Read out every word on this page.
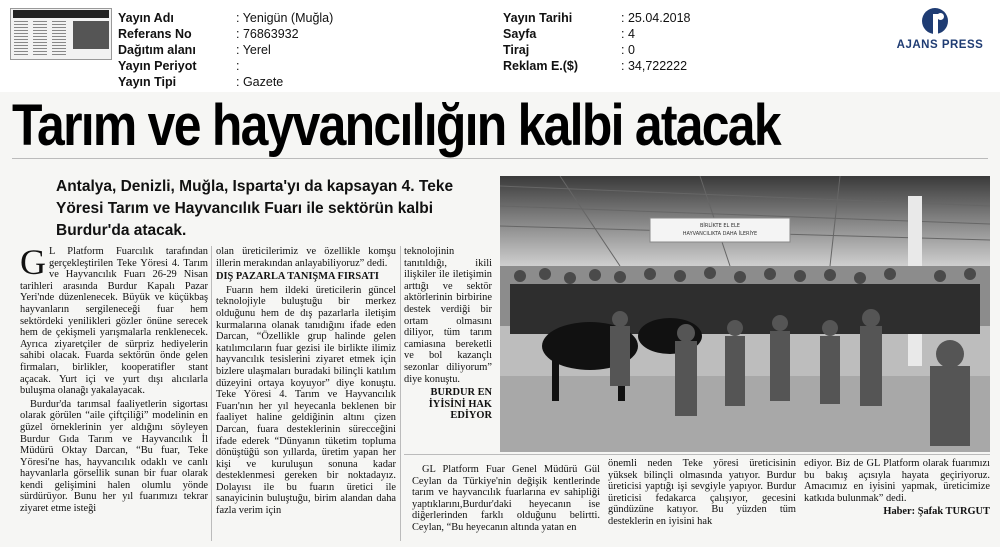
Yayın Adı	: Yenigün (Muğla)
Referans No	: 76863932
Dağıtım alanı	: Yerel
Yayın Periyot	:
Yayın Tipi	: Gazete
Yayın Tarihi	: 25.04.2018
Sayfa	: 4
Tiraj	: 0
Reklam E.($)	: 34,722222
AJANS PRESS
Tarım ve hayvancılığın kalbi atacak
Antalya, Denizli, Muğla, Isparta'yı da kapsayan 4. Teke Yöresi Tarım ve Hayvancılık Fuarı ile sektörün kalbi Burdur'da atacak.
G L Platform Fuarcılık tarafından gerçekleştirilen Teke Yöresi 4. Tarım ve Hayvancılık Fuarı 26-29 Nisan tarihleri arasında Burdur Kapalı Pazar Yeri'nde düzenlenecek. Büyük ve küçükbaş hayvanların sergileneceği fuar hem sektördeki yenilikleri gözler önüne serecek hem de çekişmeli yarışmalarla renklenecek. Ayrıca ziyaretçiler de sürpriz hediyelerin sahibi olacak. Fuarda sektörün önde gelen firmaları, birlikler, kooperatifler stant açacak. Yurt içi ve yurt dışı alıcılarla buluşma olanağı yakalayacak.
Burdur'da tarımsal faaliyetlerin sigortası olarak görülen “aile çiftçiliği” modelinin en güzel örneklerinin yer aldığını söyleyen Burdur Gıda Tarım ve Hayvancılık İl Müdürü Oktay Darcan, “Bu fuar, Teke Yöresi'ne has, hayvancılık odaklı ve canlı hayvanlarla görsellik sunan bir fuar olarak kendi gelişimini halen olumlu yönde sürdürüyor. Bunu her yıl fuarımızı tekrar ziyaret etme isteği
olan üreticilerimiz ve özellikle komşu illerin merakından anlayabiliyoruz” dedi.
DIŞ PAZARLA TANIŞMA FIRSATI
Fuarın hem ildeki üreticilerin güncel teknolojiyle buluştuğu bir merkez olduğunu hem de dış pazarlarla iletişim kurmalarına olanak tanıdığını ifade eden Darcan, “Özellikle grup halinde gelen katılımcıların fuar gezisi ile birlikte ilimiz hayvancılık tesislerini ziyaret etmek için bizlere ulaşmaları buradaki bilinçli katılım düzeyini ortaya koyuyor” diye konuştu. Teke Yöresi 4. Tarım ve Hayvancılık Fuarı'nın her yıl heyecanla beklenen bir faaliyet haline geldiğinin altını çizen Darcan, fuara desteklerinin sürecceğini ifade ederek “Dünyanın tüketim topluma dönüştüğü son yıllarda, üretim yapan her kişi ve kuruluşun sonuna kadar desteklenmesi gereken bir noktadayız. Dolayısı ile bu fuarın üretici ile sanayicinin buluştuğu, birim alandan daha fazla verim için
teknolojinin tanıtıldığı, ikili ilişkiler ile iletişimin arttığı ve sektör aktörlerinin birbirine destek verdiği bir ortam olmasını diliyor, tüm tarım camiasına bereketli ve bol kazançlı sezonlar diliyorum” diye konuştu.
BURDUR EN İYİSİNİ HAK EDİYOR
BİRLİKTE EL ELE
HAYVANCILIKTA DAHA İLERİYE
GL Platform Fuar Genel Müdürü Gül Ceylan da Türkiye'nin değişik kentlerinde tarım ve hayvancılık fuarlarına ev sahipliği yaptıklarını,Burdur'daki heyecanın ise diğerlerinden farklı olduğunu belirtti. Ceylan, “Bu heyecanın altında yatan en
önemli neden Teke yöresi üreticisinin yüksek bilinçli olmasında yatıyor. Burdur üreticisi yaptığı işi sevgiyle yapıyor. Burdur üreticisi fedakarca çalışıyor, gecesini gündüzüne katıyor. Bu yüzden tüm desteklerin en iyisini hak
ediyor. Biz de GL Platform olarak fuarımızı bu bakış açısıyla hayata geçiriyoruz. Amacımız en iyisini yapmak, üreticimize katkıda bulunmak” dedi.
Haber: Şafak TURGUT
